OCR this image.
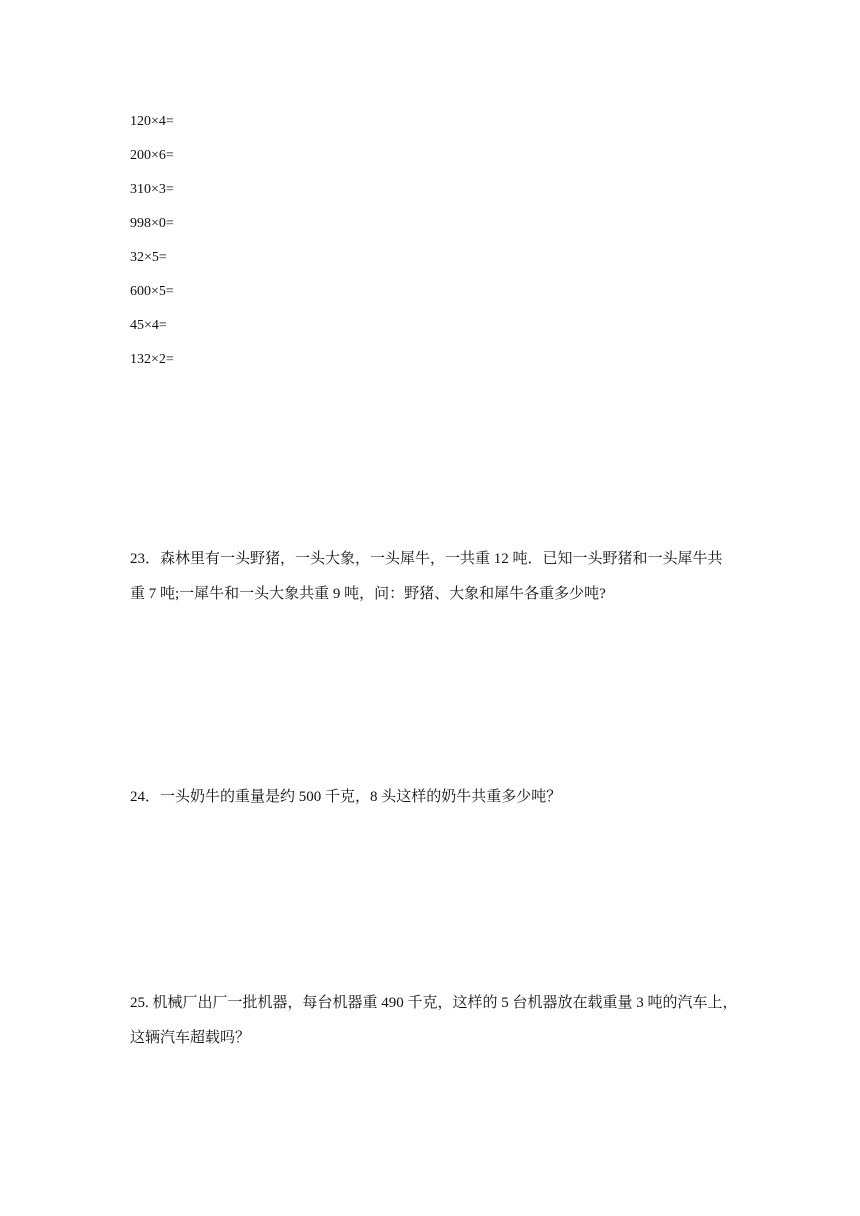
120×4=
200×6=
310×3=
998×0=
32×5=
600×5=
45×4=
132×2=

23．森林里有一头野猪，一头大象，一头犀牛，一共重 12 吨．已知一头野猪和一头犀牛共
重 7 吨;一犀牛和一头大象共重 9 吨，问：野猪、大象和犀牛各重多少吨?

24．一头奶牛的重量是约 500 千克，8 头这样的奶牛共重多少吨？

25. 机械厂出厂一批机器，每台机器重 490 千克，这样的 5 台机器放在载重量 3 吨的汽车上，
这辆汽车超载吗？
